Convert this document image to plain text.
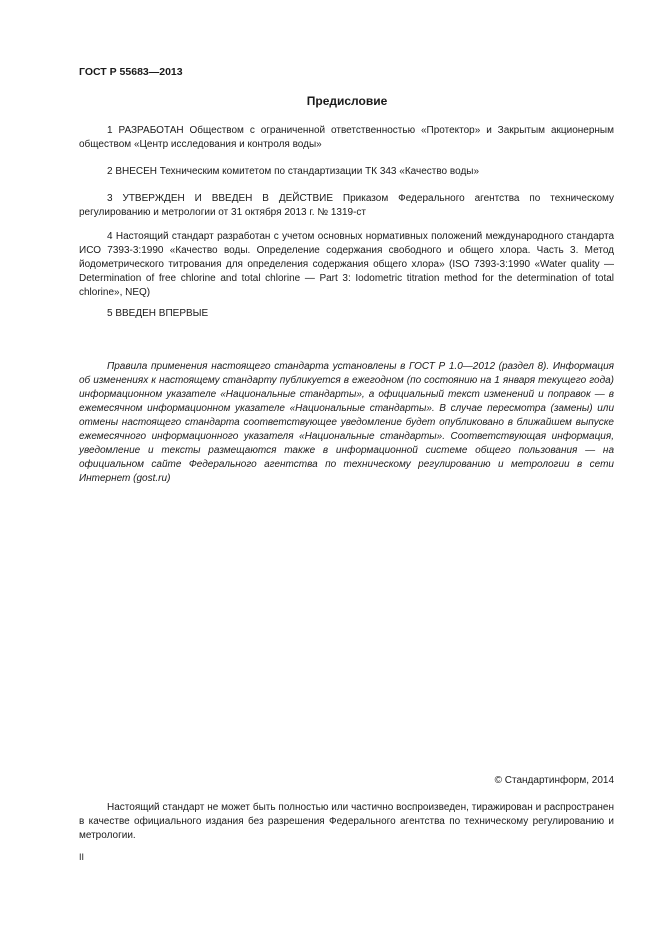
ГОСТ Р 55683—2013
Предисловие

1 РАЗРАБОТАН Обществом с ограниченной ответственностью «Протектор» и Закрытым акционерным обществом «Центр исследования и контроля воды»

2 ВНЕСЕН Техническим комитетом по стандартизации ТК 343 «Качество воды»

3 УТВЕРЖДЕН И ВВЕДЕН В ДЕЙСТВИЕ Приказом Федерального агентства по техническому регулированию и метрологии от 31 октября 2013 г. № 1319-ст

4 Настоящий стандарт разработан с учетом основных нормативных положений международного стандарта ИСО 7393-3:1990 «Качество воды. Определение содержания свободного и общего хлора. Часть 3. Метод йодометрического титрования для определения содержания общего хлора» (ISO 7393-3:1990 «Water quality — Determination of free chlorine and total chlorine — Part 3: Iodometric titration method for the determination of total chlorine», NEQ)

5 ВВЕДЕН ВПЕРВЫЕ

Правила применения настоящего стандарта установлены в ГОСТ Р 1.0—2012 (раздел 8). Информация об изменениях к настоящему стандарту публикуется в ежегодном (по состоянию на 1 января текущего года) информационном указателе «Национальные стандарты», а официальный текст изменений и поправок — в ежемесячном информационном указателе «Национальные стандарты». В случае пересмотра (замены) или отмены настоящего стандарта соответствующее уведомление будет опубликовано в ближайшем выпуске ежемесячного информационного указателя «Национальные стандарты». Соответствующая информация, уведомление и тексты размещаются также в информационной системе общего пользования — на официальном сайте Федерального агентства по техническому регулированию и метрологии в сети Интернет (gost.ru)

© Стандартинформ, 2014

Настоящий стандарт не может быть полностью или частично воспроизведен, тиражирован и распространен в качестве официального издания без разрешения Федерального агентства по техническому регулированию и метрологии.

II
